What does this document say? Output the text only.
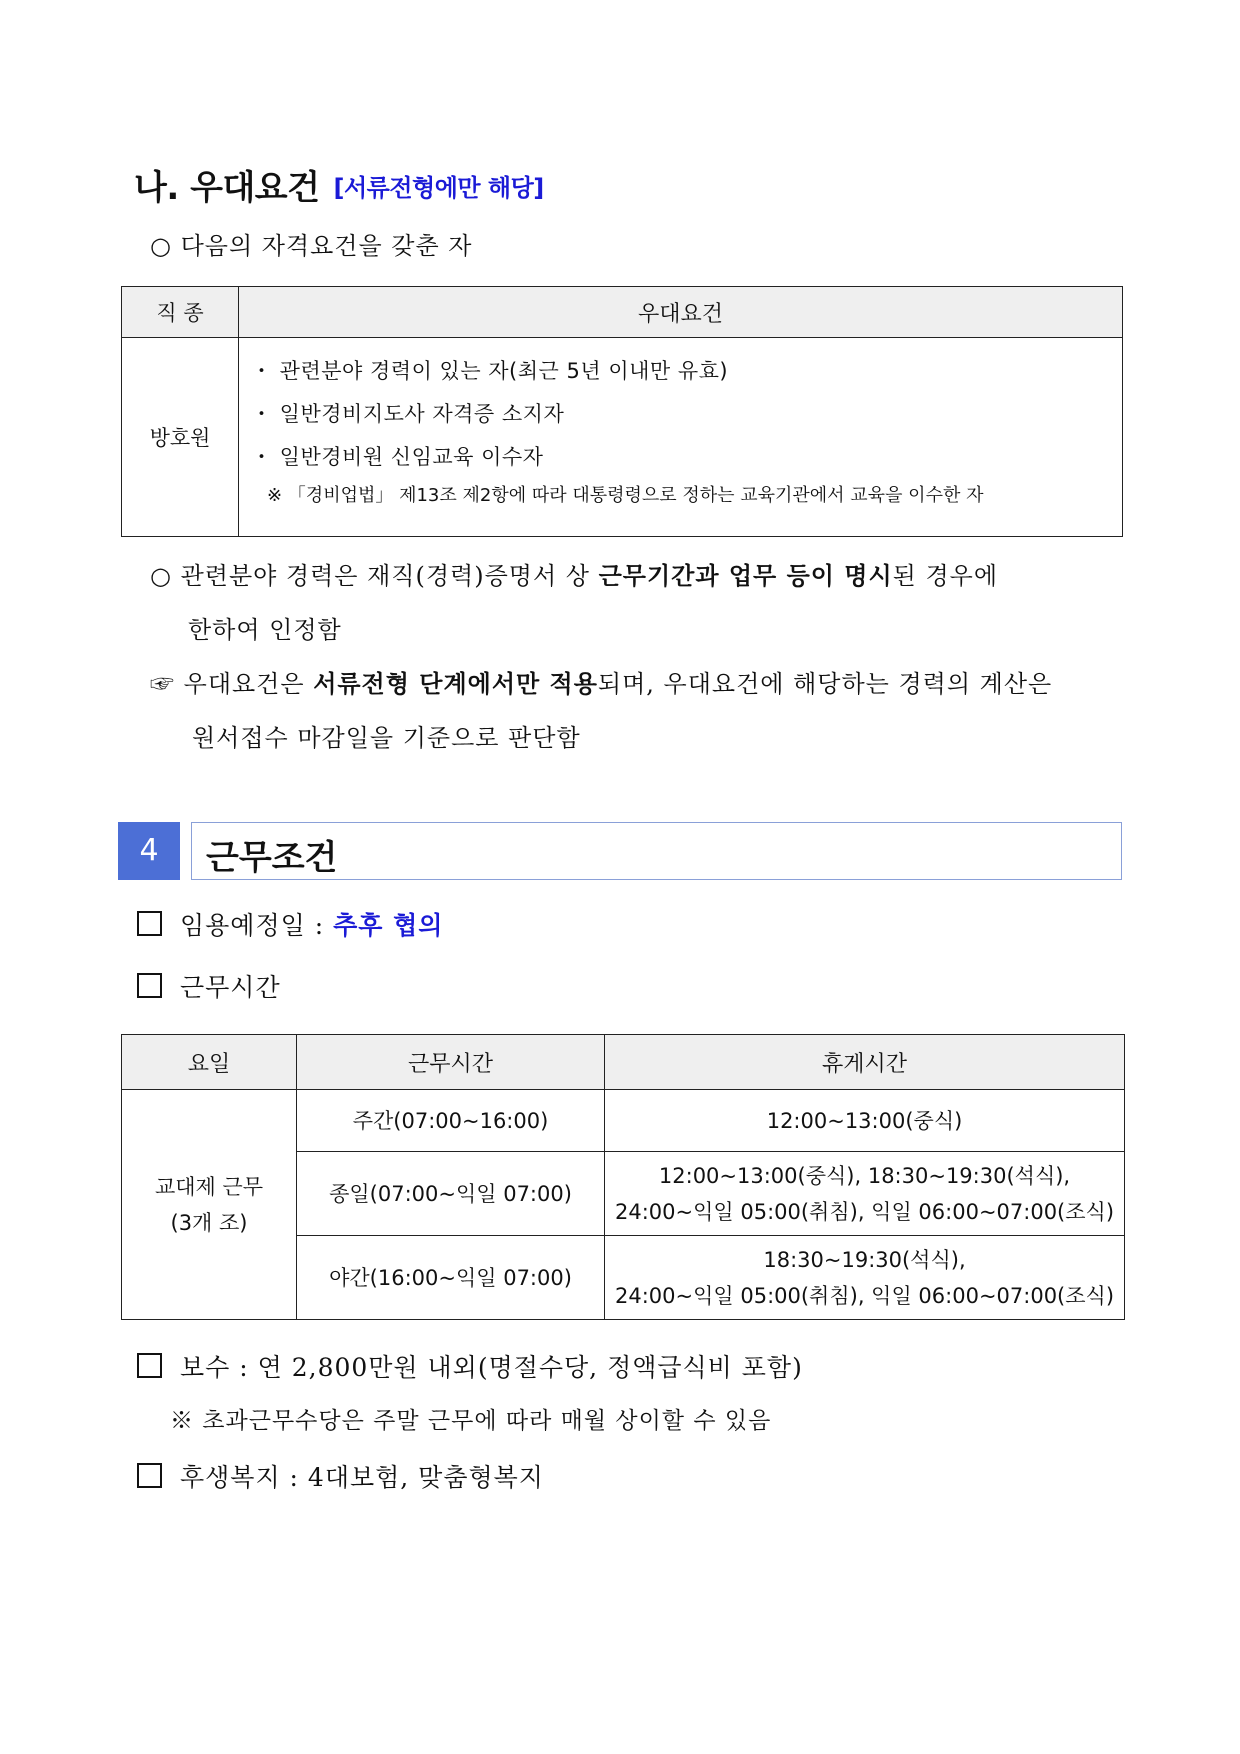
나. 우대요건 [서류전형에만 해당]
○ 다음의 자격요건을 갖춘 자
직 종	우대요건
방호원	・ 관련분야 경력이 있는 자(최근 5년 이내만 유효)
・ 일반경비지도사 자격증 소지자
・ 일반경비원 신임교육 이수자
※ 「경비업법」 제13조 제2항에 따라 대통령령으로 정하는 교육기관에서 교육을 이수한 자
○ 관련분야 경력은 재직(경력)증명서 상 근무기간과 업무 등이 명시된 경우에
한하여 인정함
☞ 우대요건은 서류전형 단계에서만 적용되며, 우대요건에 해당하는 경력의 계산은
원서접수 마감일을 기준으로 판단함
4	근무조건
임용예정일 : 추후 협의
근무시간
요일	근무시간	휴게시간

교대제 근무
(3개 조)	주간(07:00~16:00)	12:00~13:00(중식)
	종일(07:00~익일 07:00)	12:00~13:00(중식), 18:30~19:30(석식),
24:00~익일 05:00(취침), 익일 06:00~07:00(조식)

	야간(16:00~익일 07:00)	18:30~19:30(석식),
24:00~익일 05:00(취침), 익일 06:00~07:00(조식)
보수 : 연 2,800만원 내외(명절수당, 정액급식비 포함)
※ 초과근무수당은 주말 근무에 따라 매월 상이할 수 있음
후생복지 : 4대보험, 맞춤형복지
